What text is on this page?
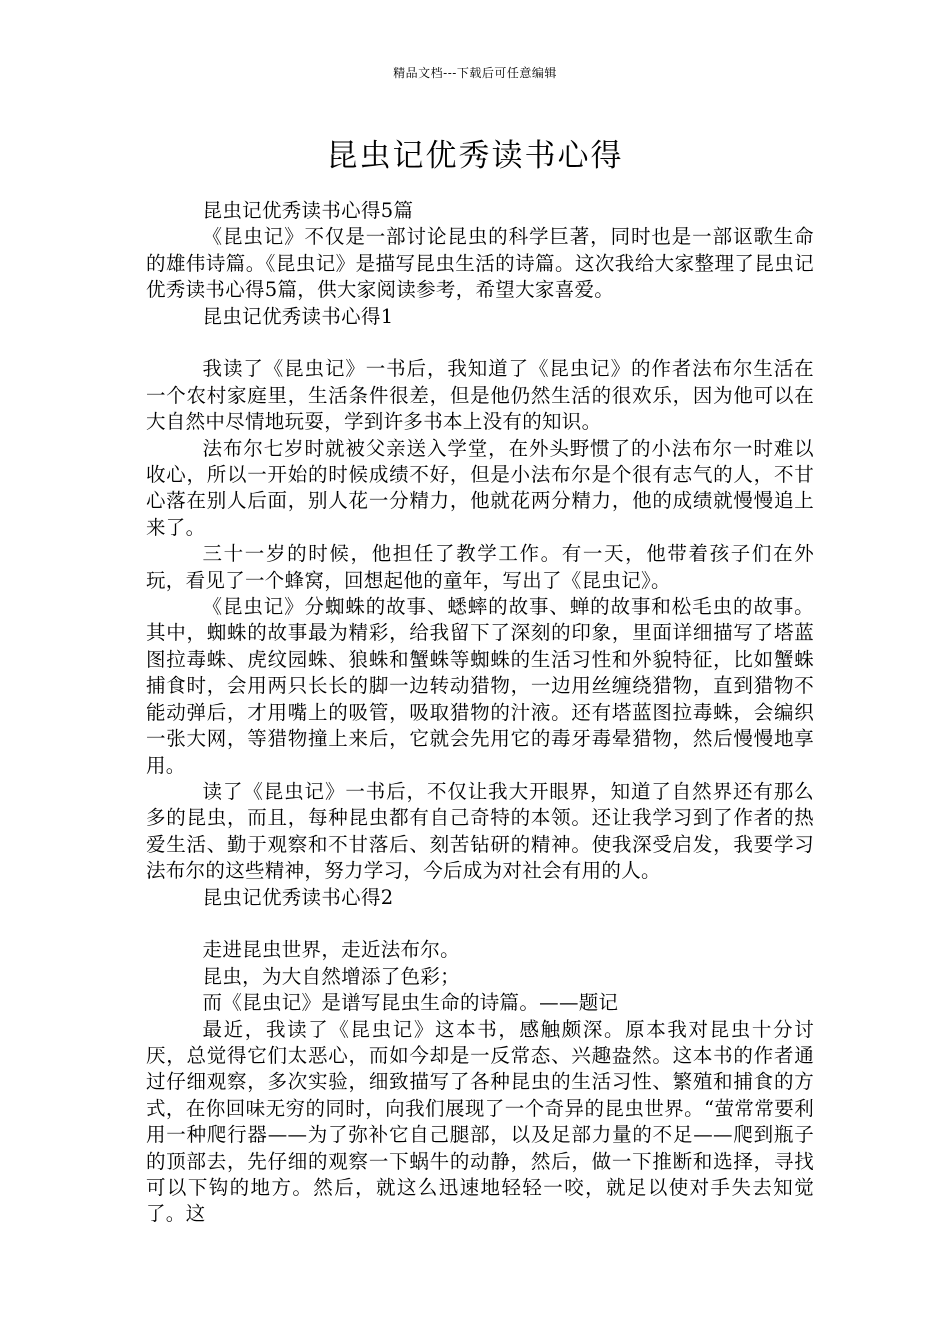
精品文档---下载后可任意编辑
昆虫记优秀读书心得

昆虫记优秀读书心得5篇

《昆虫记》不仅是一部讨论昆虫的科学巨著，同时也是一部讴歌生命的雄伟诗篇。《昆虫记》是描写昆虫生活的诗篇。这次我给大家整理了昆虫记优秀读书心得5篇，供大家阅读参考，希望大家喜爱。

昆虫记优秀读书心得1

我读了《昆虫记》一书后，我知道了《昆虫记》的作者法布尔生活在一个农村家庭里，生活条件很差，但是他仍然生活的很欢乐，因为他可以在大自然中尽情地玩耍，学到许多书本上没有的知识。

法布尔七岁时就被父亲送入学堂，在外头野惯了的小法布尔一时难以收心，所以一开始的时候成绩不好，但是小法布尔是个很有志气的人，不甘心落在别人后面，别人花一分精力，他就花两分精力，他的成绩就慢慢追上来了。

三十一岁的时候，他担任了教学工作。有一天，他带着孩子们在外玩，看见了一个蜂窝，回想起他的童年，写出了《昆虫记》。

《昆虫记》分蜘蛛的故事、蟋蟀的故事、蝉的故事和松毛虫的故事。其中，蜘蛛的故事最为精彩，给我留下了深刻的印象，里面详细描写了塔蓝图拉毒蛛、虎纹园蛛、狼蛛和蟹蛛等蜘蛛的生活习性和外貌特征，比如蟹蛛捕食时，会用两只长长的脚一边转动猎物，一边用丝缠绕猎物，直到猎物不能动弹后，才用嘴上的吸管，吸取猎物的汁液。还有塔蓝图拉毒蛛，会编织一张大网，等猎物撞上来后，它就会先用它的毒牙毒晕猎物，然后慢慢地享用。

读了《昆虫记》一书后，不仅让我大开眼界，知道了自然界还有那么多的昆虫，而且，每种昆虫都有自己奇特的本领。还让我学习到了作者的热爱生活、勤于观察和不甘落后、刻苦钻研的精神。使我深受启发，我要学习法布尔的这些精神，努力学习，今后成为对社会有用的人。

昆虫记优秀读书心得2

走进昆虫世界，走近法布尔。

昆虫，为大自然增添了色彩；

而《昆虫记》是谱写昆虫生命的诗篇。——题记

最近，我读了《昆虫记》这本书，感触颇深。原本我对昆虫十分讨厌，总觉得它们太恶心，而如今却是一反常态、兴趣盎然。这本书的作者通过仔细观察，多次实验，细致描写了各种昆虫的生活习性、繁殖和捕食的方式，在你回味无穷的同时，向我们展现了一个奇异的昆虫世界。“萤常常要利用一种爬行器——为了弥补它自己腿部，以及足部力量的不足——爬到瓶子的顶部去，先仔细的观察一下蜗牛的动静，然后，做一下推断和选择，寻找可以下钩的地方。然后，就这么迅速地轻轻一咬，就足以使对手失去知觉了。这
